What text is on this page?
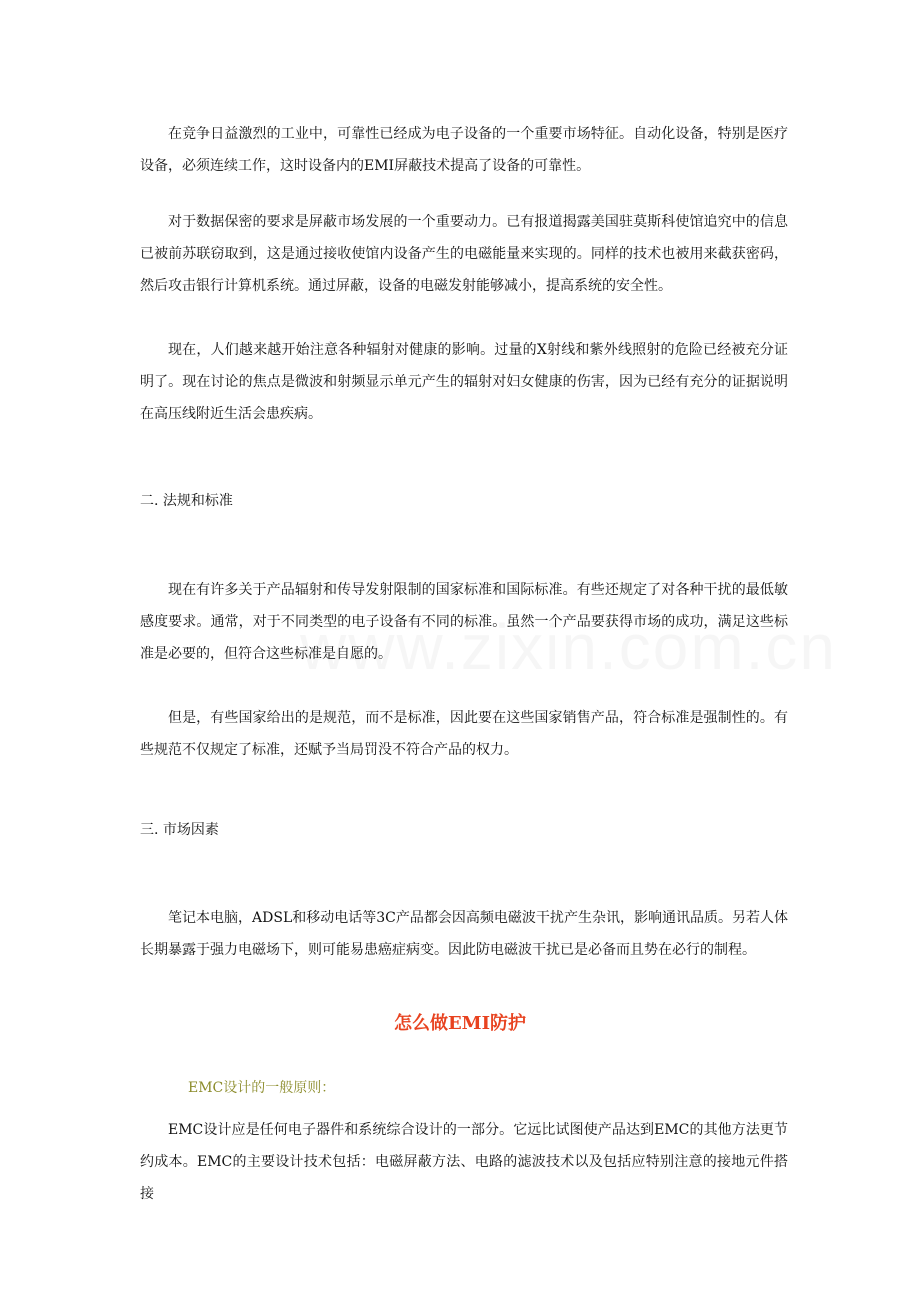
在竞争日益激烈的工业中，可靠性已经成为电子设备的一个重要市场特征。自动化设备，特别是医疗设备，必须连续工作，这时设备内的EMI屏蔽技术提高了设备的可靠性。

对于数据保密的要求是屏蔽市场发展的一个重要动力。已有报道揭露美国驻莫斯科使馆追究中的信息已被前苏联窃取到，这是通过接收使馆内设备产生的电磁能量来实现的。同样的技术也被用来截获密码，然后攻击银行计算机系统。通过屏蔽，设备的电磁发射能够减小，提高系统的安全性。

现在，人们越来越开始注意各种辐射对健康的影响。过量的X射线和紫外线照射的危险已经被充分证明了。现在讨论的焦点是微波和射频显示单元产生的辐射对妇女健康的伤害，因为已经有充分的证据说明在高压线附近生活会患疾病。

二. 法规和标准

现在有许多关于产品辐射和传导发射限制的国家标准和国际标准。有些还规定了对各种干扰的最低敏感度要求。通常，对于不同类型的电子设备有不同的标准。虽然一个产品要获得市场的成功，满足这些标准是必要的，但符合这些标准是自愿的。

但是，有些国家给出的是规范，而不是标准，因此要在这些国家销售产品，符合标准是强制性的。有些规范不仅规定了标准，还赋予当局罚没不符合产品的权力。

三. 市场因素

笔记本电脑，ADSL和移动电话等3C产品都会因高频电磁波干扰产生杂讯，影响通讯品质。另若人体长期暴露于强力电磁场下，则可能易患癌症病变。因此防电磁波干扰已是必备而且势在必行的制程。

怎么做EMI防护

EMC设计的一般原则：

EMC设计应是任何电子器件和系统综合设计的一部分。它远比试图使产品达到EMC的其他方法更节约成本。EMC的主要设计技术包括：电磁屏蔽方法、电路的滤波技术以及包括应特别注意的接地元件搭接
